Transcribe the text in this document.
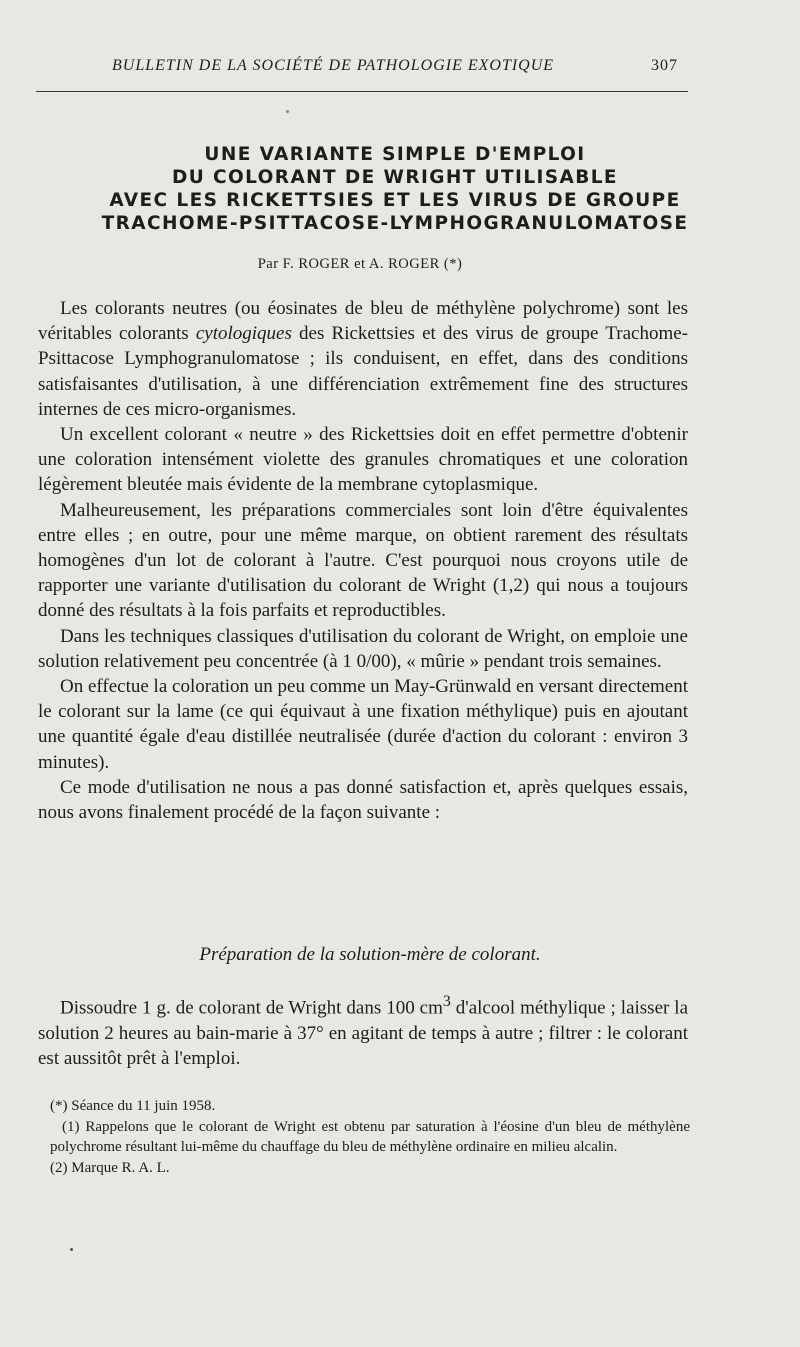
BULLETIN DE LA SOCIÉTÉ DE PATHOLOGIE EXOTIQUE	307
UNE VARIANTE SIMPLE D'EMPLOI
DU COLORANT DE WRIGHT UTILISABLE
AVEC LES RICKETTSIES ET LES VIRUS DE GROUPE
TRACHOME-PSITTACOSE-LYMPHOGRANULOMATOSE
Par F. ROGER et A. ROGER (*)

Les colorants neutres (ou éosinates de bleu de méthylène polychrome) sont les véritables colorants cytologiques des Rickettsies et des virus de groupe Trachome-Psittacose Lymphogranulomatose ; ils conduisent, en effet, dans des conditions satisfaisantes d'utilisation, à une différenciation extrêmement fine des structures internes de ces micro-organismes.

Un excellent colorant « neutre » des Rickettsies doit en effet permettre d'obtenir une coloration intensément violette des granules chromatiques et une coloration légèrement bleutée mais évidente de la membrane cytoplasmique.

Malheureusement, les préparations commerciales sont loin d'être équivalentes entre elles ; en outre, pour une même marque, on obtient rarement des résultats homogènes d'un lot de colorant à l'autre. C'est pourquoi nous croyons utile de rapporter une variante d'utilisation du colorant de Wright (1,2) qui nous a toujours donné des résultats à la fois parfaits et reproductibles.

Dans les techniques classiques d'utilisation du colorant de Wright, on emploie une solution relativement peu concentrée (à 1 0/00), « mûrie » pendant trois semaines.

On effectue la coloration un peu comme un May-Grünwald en versant directement le colorant sur la lame (ce qui équivaut à une fixation méthylique) puis en ajoutant une quantité égale d'eau distillée neutralisée (durée d'action du colorant : environ 3 minutes).

Ce mode d'utilisation ne nous a pas donné satisfaction et, après quelques essais, nous avons finalement procédé de la façon suivante :

Préparation de la solution-mère de colorant.

Dissoudre 1 g. de colorant de Wright dans 100 $cm^3$ d'alcool méthylique ; laisser la solution 2 heures au bain-marie à 37° en agitant de temps à autre ; filtrer : le colorant est aussitôt prêt à l'emploi.

(*) Séance du 11 juin 1958.

(1) Rappelons que le colorant de Wright est obtenu par saturation à l'éosine d'un bleu de méthylène polychrome résultant lui-même du chauffage du bleu de méthylène ordinaire en milieu alcalin.

(2) Marque R. A. L.
